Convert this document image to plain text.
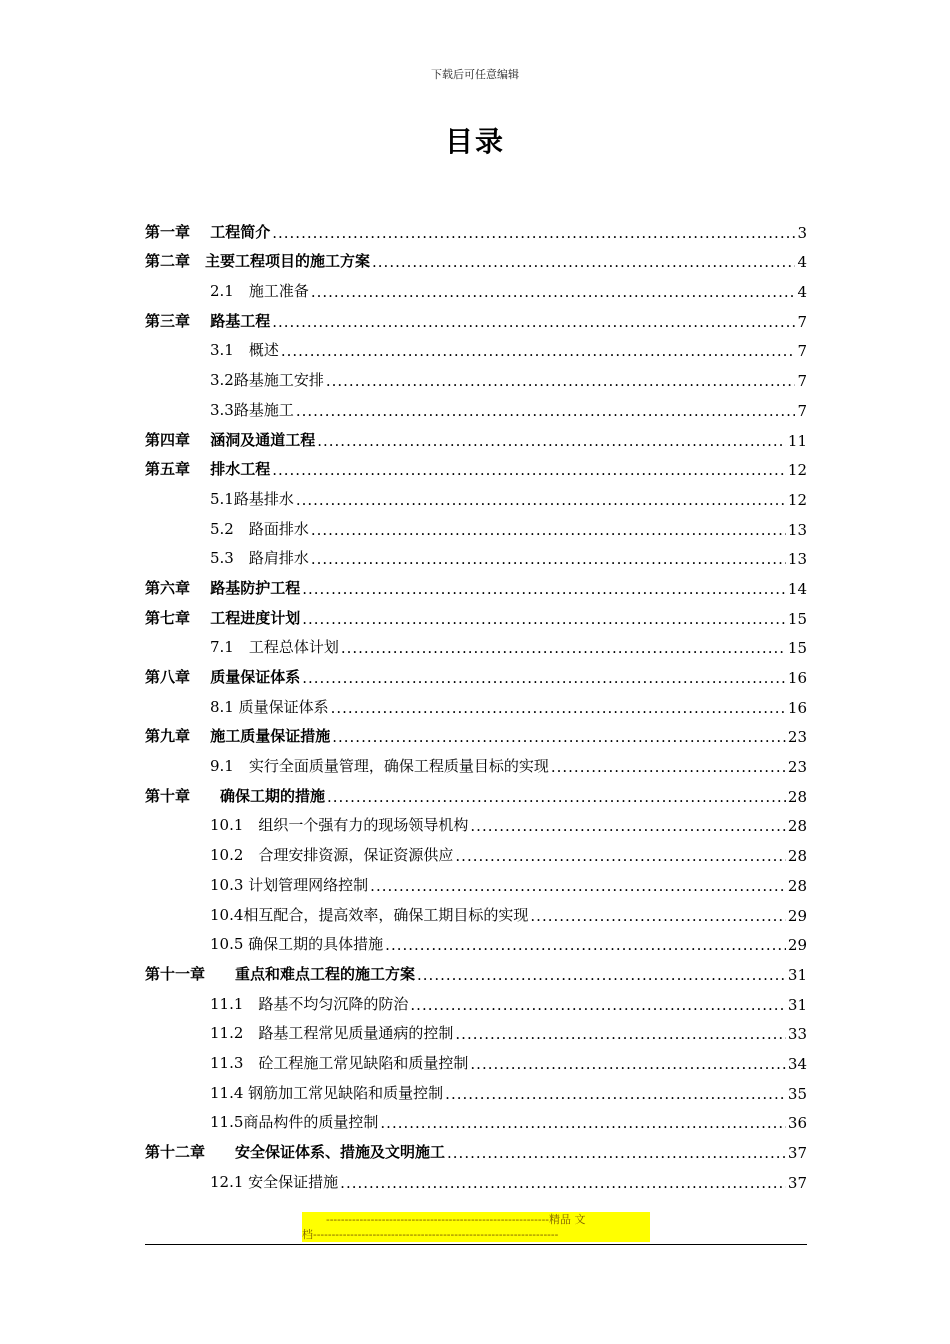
下载后可任意编辑
目录
第一章　 工程简介 .....	3
第二章　主要工程项目的施工方案 .....	4
2.1　施工准备 .....	4
第三章　 路基工程 .....	7
3.1　概述 .....	7
3.2路基施工安排 .....	7
3.3路基施工 .....	7
第四章　 涵洞及通道工程 .....	11
第五章　 排水工程 .....	12
5.1路基排水 .....	12
5.2　路面排水 .....	13
5.3　路肩排水 .....	13
第六章　 路基防护工程 .....	14
第七章　 工程进度计划 .....	15
7.1　工程总体计划 .....	15
第八章　 质量保证体系 .....	16
8.1 质量保证体系 .....	16
第九章　 施工质量保证措施 .....	23
9.1　实行全面质量管理，确保工程质量目标的实现 .....	23
第十章　　确保工期的措施 .....	28
10.1　组织一个强有力的现场领导机构 .....	28
10.2　合理安排资源，保证资源供应 .....	28
10.3 计划管理网络控制 .....	28
10.4相互配合，提高效率，确保工期目标的实现 .....	29
10.5 确保工期的具体措施 .....	29
第十一章　　重点和难点工程的施工方案 .....	31
11.1　路基不均匀沉降的防治 .....	31
11.2　路基工程常见质量通病的控制 .....	33
11.3　砼工程施工常见缺陷和质量控制 .....	34
11.4 钢筋加工常见缺陷和质量控制 .....	35
11.5商品构件的质量控制 .....	36
第十二章　　安全保证体系、措施及文明施工 .....	37
12.1 安全保证措施 .....	37
------------------------------------------------------------精品 文
档------------------------------------------------------------------
